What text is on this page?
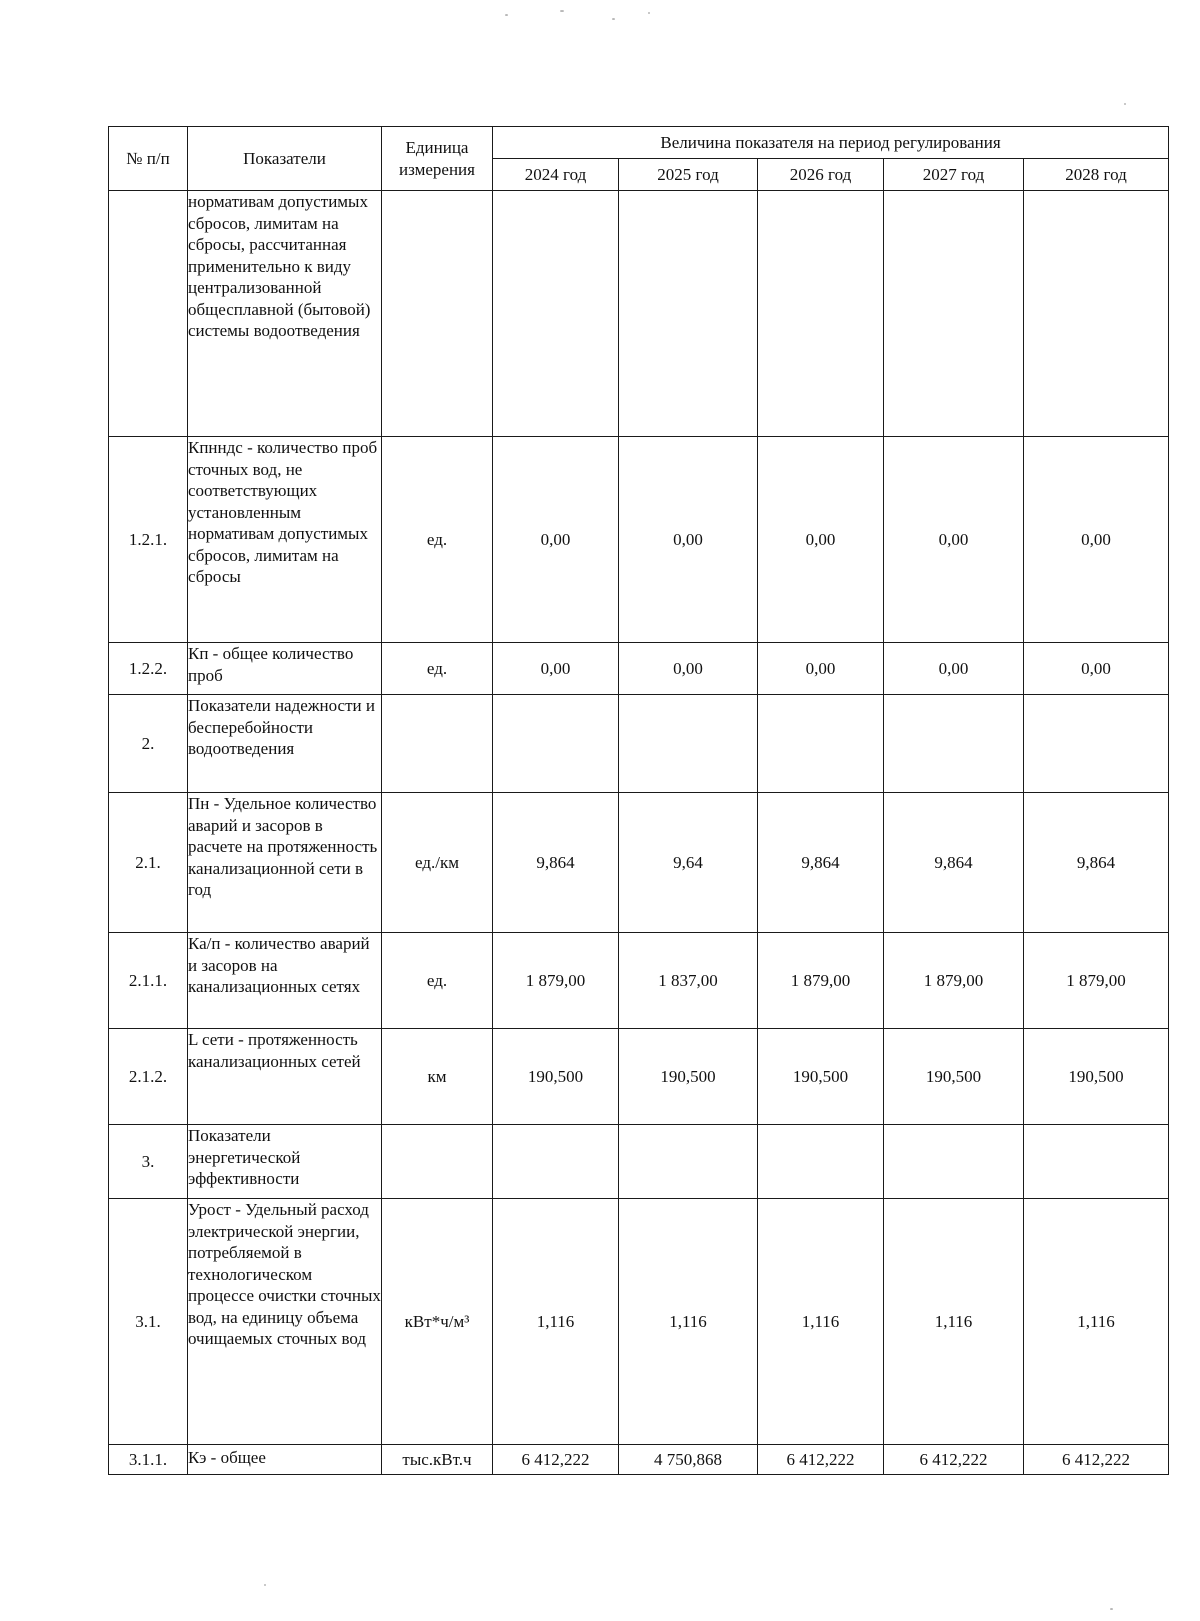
№ п/п	Показатели	Единица измерения	Величина показателя на период регулирования				
			2024 год	2025 год	2026 год	2027 год	2028 год
	нормативам допустимых сбросов, лимитам на сбросы, рассчитанная применительно к виду централизованной общесплавной (бытовой) системы водоотведения						
1.2.1.	Кпнндс - количество проб сточных вод, не соответствующих установленным нормативам допустимых сбросов, лимитам на сбросы	ед.	0,00	0,00	0,00	0,00	0,00
1.2.2.	Кп - общее количество проб	ед.	0,00	0,00	0,00	0,00	0,00
2.	Показатели надежности и бесперебойности водоотведения						
2.1.	Пн - Удельное количество аварий и засоров в расчете на протяженность канализационной сети в год	ед./км	9,864	9,64	9,864	9,864	9,864
2.1.1.	Ка/п - количество аварий и засоров на канализационных сетях	ед.	1 879,00	1 837,00	1 879,00	1 879,00	1 879,00
2.1.2.	L сети - протяженность канализационных сетей	км	190,500	190,500	190,500	190,500	190,500
3.	Показатели энергетической эффективности						
3.1.	Урост - Удельный расход электрической энергии, потребляемой в технологическом процессе очистки сточных вод, на единицу объема очищаемых сточных вод	кВт*ч/м³	1,116	1,116	1,116	1,116	1,116
3.1.1.	Кэ - общее	тыс.кВт.ч	6 412,222	4 750,868	6 412,222	6 412,222	6 412,222
